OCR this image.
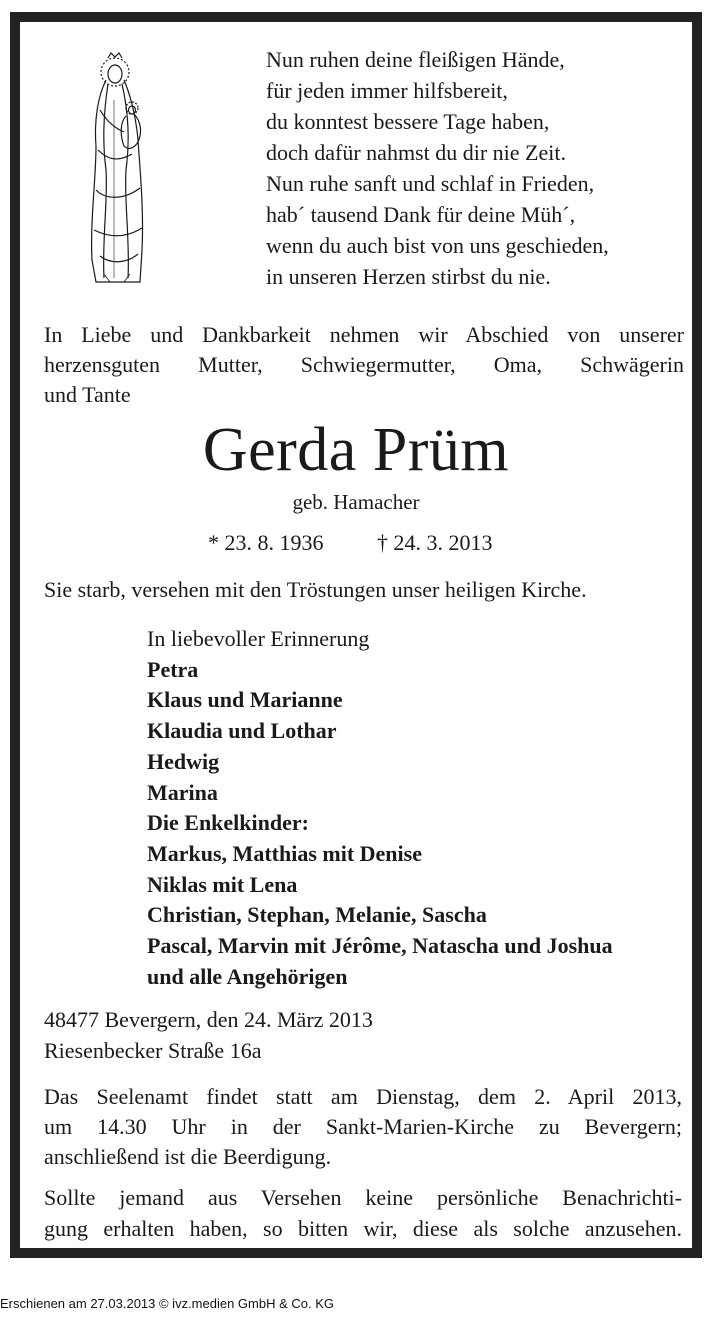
Nun ruhen deine fleißigen Hände,
für jeden immer hilfsbereit,
du konntest bessere Tage haben,
doch dafür nahmst du dir nie Zeit.
Nun ruhe sanft und schlaf in Frieden,
hab´ tausend Dank für deine Müh´,
wenn du auch bist von uns geschieden,
in unseren Herzen stirbst du nie.
In Liebe und Dankbarkeit nehmen wir Abschied von unserer
herzensguten Mutter, Schwiegermutter, Oma, Schwägerin
und Tante
Gerda Prüm
geb. Hamacher
* 23. 8. 1936 † 24. 3. 2013
Sie starb, versehen mit den Tröstungen unser heiligen Kirche.
In liebevoller Erinnerung
Petra
Klaus und Marianne
Klaudia und Lothar
Hedwig
Marina
Die Enkelkinder:
Markus, Matthias mit Denise
Niklas mit Lena
Christian, Stephan, Melanie, Sascha
Pascal, Marvin mit Jérôme, Natascha und Joshua
und alle Angehörigen
48477 Bevergern, den 24. März 2013
Riesenbecker Straße 16a
Das Seelenamt findet statt am Dienstag, dem 2. April 2013,
um 14.30 Uhr in der Sankt-Marien-Kirche zu Bevergern;
anschließend ist die Beerdigung.
Sollte jemand aus Versehen keine persönliche Benachrichti-
gung erhalten haben, so bitten wir, diese als solche anzusehen.
Erschienen am 27.03.2013 © ivz.medien GmbH & Co. KG
